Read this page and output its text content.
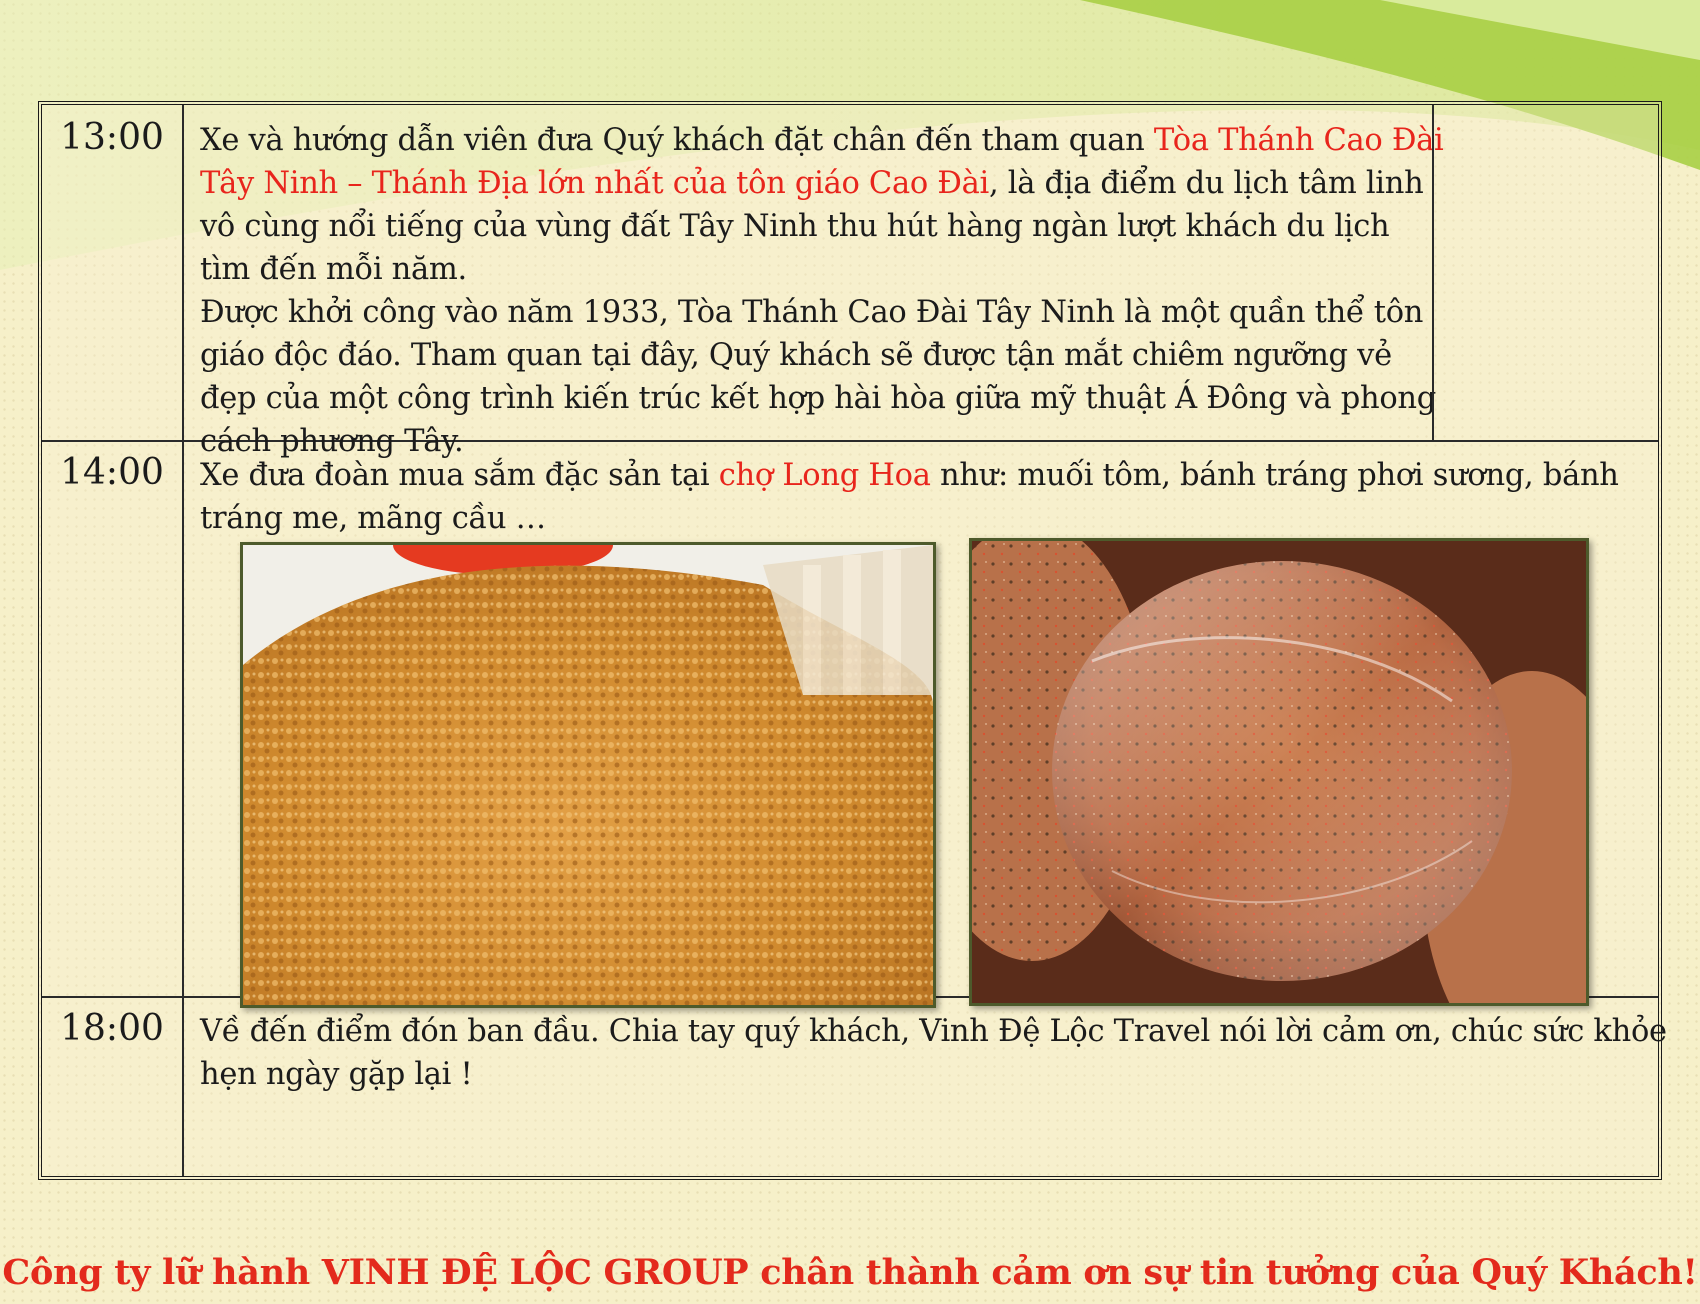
13:00	Xe và hướng dẫn viên đưa Quý khách đặt chân đến tham quan Tòa Thánh Cao Đài
Tây Ninh – Thánh Địa lớn nhất của tôn giáo Cao Đài, là địa điểm du lịch tâm linh
vô cùng nổi tiếng của vùng đất Tây Ninh thu hút hàng ngàn lượt khách du lịch
tìm đến mỗi năm.
Được khởi công vào năm 1933, Tòa Thánh Cao Đài Tây Ninh là một quần thể tôn
giáo độc đáo. Tham quan tại đây, Quý khách sẽ được tận mắt chiêm ngưỡng vẻ
đẹp của một công trình kiến trúc kết hợp hài hòa giữa mỹ thuật Á Đông và phong
cách phương Tây.
14:00	Xe đưa đoàn mua sắm đặc sản tại chợ Long Hoa như: muối tôm, bánh tráng phơi sương, bánh
tráng me, mãng cầu …
18:00	Về đến điểm đón ban đầu. Chia tay quý khách, Vinh Đệ Lộc Travel nói lời cảm ơn, chúc sức khỏe
hẹn ngày gặp lại !
Công ty lữ hành VINH ĐỆ LỘC GROUP chân thành cảm ơn sự tin tưởng của Quý Khách!
